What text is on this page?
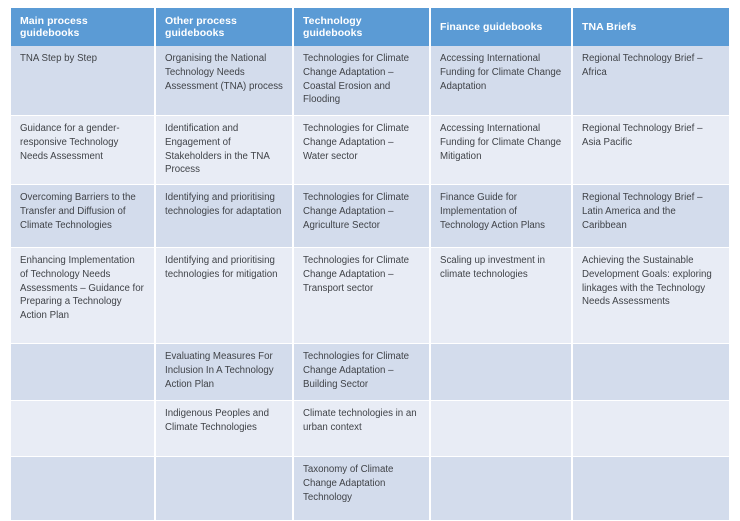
Main process guidebooks	Other process guidebooks	Technology guidebooks	Finance guidebooks	TNA Briefs

TNA Step by Step	Organising the National Technology Needs Assessment (TNA) process	Technologies for Climate Change Adaptation – Coastal Erosion and Flooding	Accessing International Funding for Climate Change Adaptation	Regional Technology Brief – Africa

Guidance for a gender-responsive Technology Needs Assessment	Identification and Engagement of Stakeholders in the TNA Process	Technologies for Climate Change Adaptation – Water sector	Accessing International Funding for Climate Change Mitigation	Regional Technology Brief – Asia Pacific

Overcoming Barriers to the Transfer and Diffusion of Climate Technologies	Identifying and prioritising technologies for adaptation	Technologies for Climate Change Adaptation – Agriculture Sector	Finance Guide for Implementation of Technology Action Plans	Regional Technology Brief – Latin America and the Caribbean

Enhancing Implementation of Technology Needs Assessments – Guidance for Preparing a Technology Action Plan	Identifying and prioritising technologies for mitigation	Technologies for Climate Change Adaptation – Transport sector	Scaling up investment in climate technologies	Achieving the Sustainable Development Goals: exploring linkages with the Technology Needs Assessments

	Evaluating Measures For Inclusion In A Technology Action Plan	Technologies for Climate Change Adaptation – Building Sector		

	Indigenous Peoples and Climate Technologies	Climate technologies in an urban context		

		Taxonomy of Climate Change Adaptation Technology		
